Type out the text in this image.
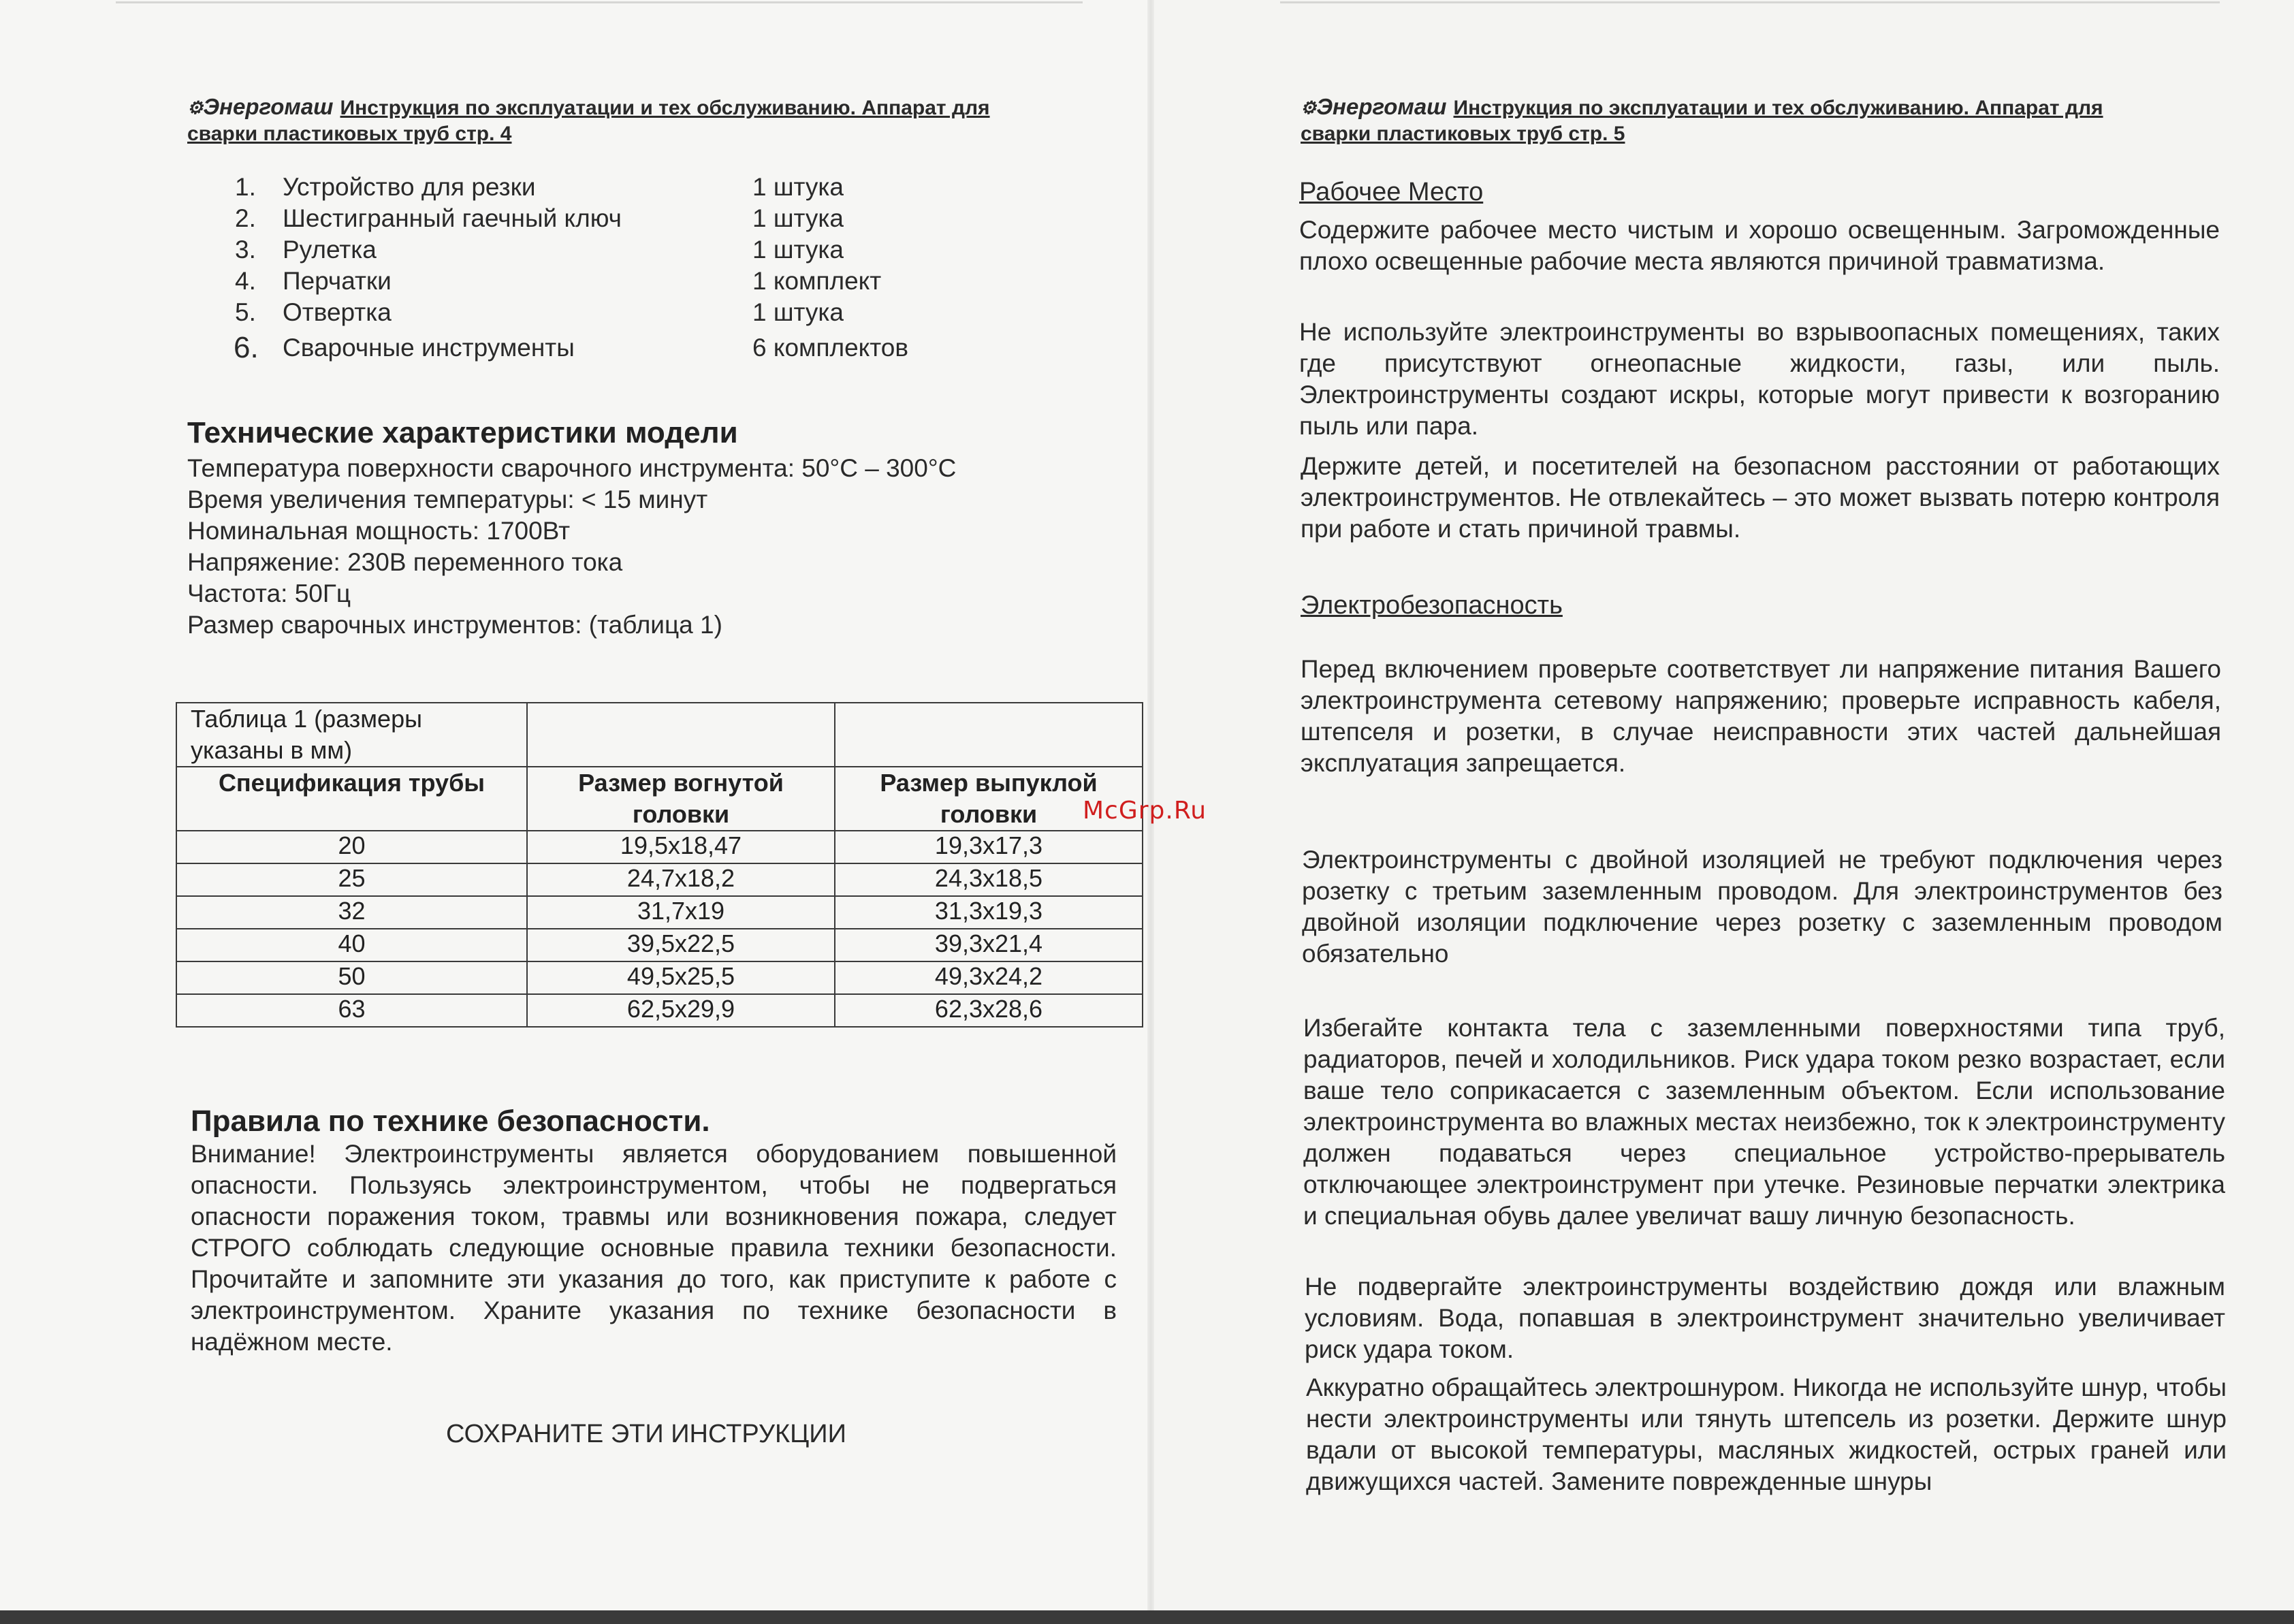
⚙Энергомаш Инструкция по эксплуатации и тех обслуживанию. Аппарат для
сварки пластиковых труб стр. 4
1. Устройство для резки	1 штука
2. Шестигранный гаечный ключ	1 штука
3. Рулетка	1 штука
4. Перчатки	1 комплект
5. Отвертка	1 штука
6. Сварочные инструменты	6 комплектов
Технические характеристики модели
Температура поверхности сварочного инструмента: 50°С – 300°С
Время увеличения температуры: < 15 минут
Номинальная мощность: 1700Вт
Напряжение: 230В переменного тока
Частота: 50Гц
Размер сварочных инструментов: (таблица 1)
Таблица 1 (размеры указаны в мм)		

Спецификация трубы	Размер вогнутой головки	Размер выпуклой головки

20	19,5х18,47	19,3х17,3
25	24,7х18,2	24,3х18,5
32	31,7х19	31,3х19,3
40	39,5х22,5	39,3х21,4
50	49,5х25,5	49,3х24,2
63	62,5х29,9	62,3х28,6
Правила по технике безопасности.
Внимание! Электроинструменты является оборудованием повышенной опасности. Пользуясь электроинструментом, чтобы не подвергаться опасности поражения током, травмы или возникновения пожара, следует СТРОГО соблюдать следующие основные правила техники безопасности. Прочитайте и запомните эти указания до того, как приступите к работе с электроинструментом. Храните указания по технике безопасности в надёжном месте.
СОХРАНИТЕ ЭТИ ИНСТРУКЦИИ
McGrp.Ru
⚙Энергомаш Инструкция по эксплуатации и тех обслуживанию. Аппарат для
сварки пластиковых труб стр. 5
Рабочее Место
Содержите рабочее место чистым и хорошо освещенным. Загроможденные плохо освещенные рабочие места являются причиной травматизма.
Не используйте электроинструменты во взрывоопасных помещениях, таких где присутствуют огнеопасные жидкости, газы, или пыль. Электроинструменты создают искры, которые могут привести к возгоранию пыль или пара.
Держите детей, и посетителей на безопасном расстоянии от работающих электроинструментов. Не отвлекайтесь – это может вызвать потерю контроля при работе и стать причиной травмы.
Электробезопасность
Перед включением проверьте соответствует ли напряжение питания Вашего электроинструмента сетевому напряжению; проверьте исправность кабеля, штепселя и розетки, в случае неисправности этих частей дальнейшая эксплуатация запрещается.
Электроинструменты с двойной изоляцией не требуют подключения через розетку с третьим заземленным проводом. Для электроинструментов без двойной изоляции подключение через розетку с заземленным проводом обязательно
Избегайте контакта тела с заземленными поверхностями типа труб, радиаторов, печей и холодильников. Риск удара током резко возрастает, если ваше тело соприкасается с заземленным объектом. Если использование электроинструмента во влажных местах неизбежно, ток к электроинструменту должен подаваться через специальное устройство-прерыватель отключающее электроинструмент при утечке. Резиновые перчатки электрика и специальная обувь далее увеличат вашу личную безопасность.
Не подвергайте электроинструменты воздействию дождя или влажным условиям. Вода, попавшая в электроинструмент значительно увеличивает риск удара током.
Аккуратно обращайтесь электрошнуром. Никогда не используйте шнур, чтобы нести электроинструменты или тянуть штепсель из розетки. Держите шнур вдали от высокой температуры, масляных жидкостей, острых граней или движущихся частей. Замените поврежденные шнуры
